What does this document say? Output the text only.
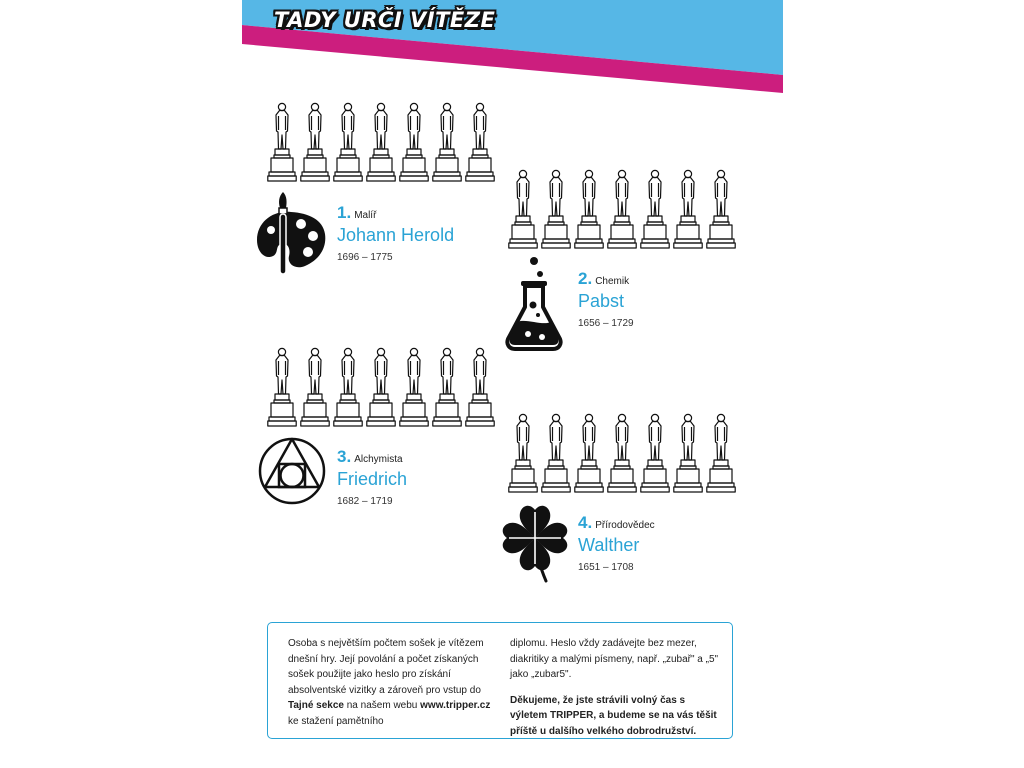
TADY URČI VÍTĚZE
1. Malíř
Johann Herold
1696 – 1775
2. Chemik
Pabst
1656 – 1729
3. Alchymista
Friedrich
1682 – 1719
4. Přírodovědec
Walther
1651 – 1708
Osoba s největším počtem sošek je vítězem dnešní hry. Její povolání a počet získaných sošek použijte jako heslo pro získání absolventské vizitky a zároveň pro vstup do Tajné sekce na našem webu www.tripper.cz ke stažení pamětního
diplomu. Heslo vždy zadávejte bez mezer, diakritiky a malými písmeny, např. „zubař" a „5" jako „zubar5".
Děkujeme, že jste strávili volný čas s výletem TRIPPER, a budeme se na vás těšit příště u dalšího velkého dobrodružství.
